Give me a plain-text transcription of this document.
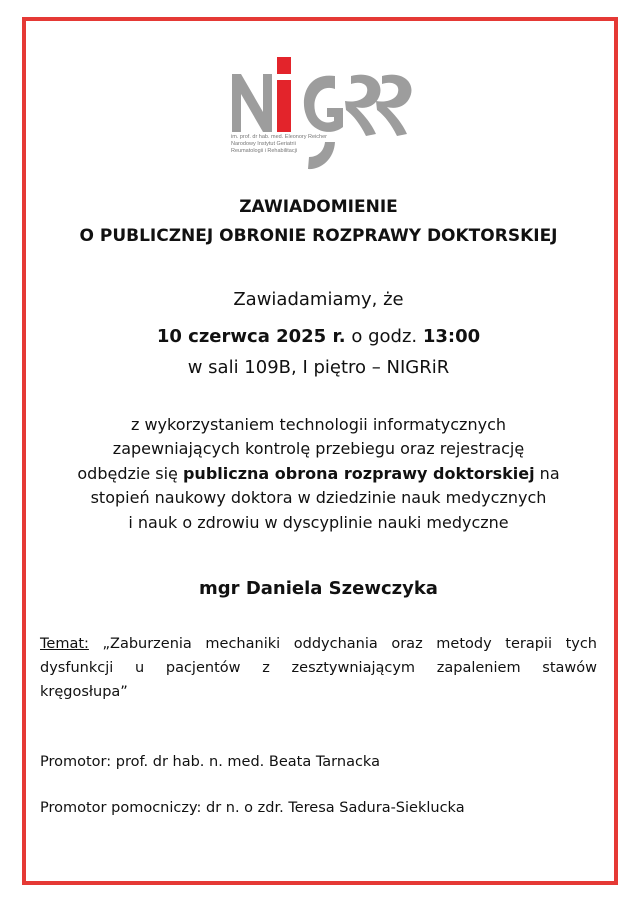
im. prof. dr hab. med. Eleonory Reicher
Narodowy Instytut Geriatrii
Reumatologii i Rehabilitacji
ZAWIADOMIENIE
O PUBLICZNEJ OBRONIE ROZPRAWY DOKTORSKIEJ
Zawiadamiamy, że
10 czerwca 2025 r. o godz. 13:00
w sali 109B, I piętro – NIGRiR
z wykorzystaniem technologii informatycznych
zapewniających kontrolę przebiegu oraz rejestrację
odbędzie się publiczna obrona rozprawy doktorskiej na
stopień naukowy doktora w dziedzinie nauk medycznych
i nauk o zdrowiu w dyscyplinie nauki medyczne
mgr Daniela Szewczyka
Temat: „Zaburzenia mechaniki oddychania oraz metody terapii tych
dysfunkcji u pacjentów z zesztywniającym zapaleniem stawów
kręgosłupa”
Promotor: prof. dr hab. n. med. Beata Tarnacka
Promotor pomocniczy: dr n. o zdr. Teresa Sadura-Sieklucka
